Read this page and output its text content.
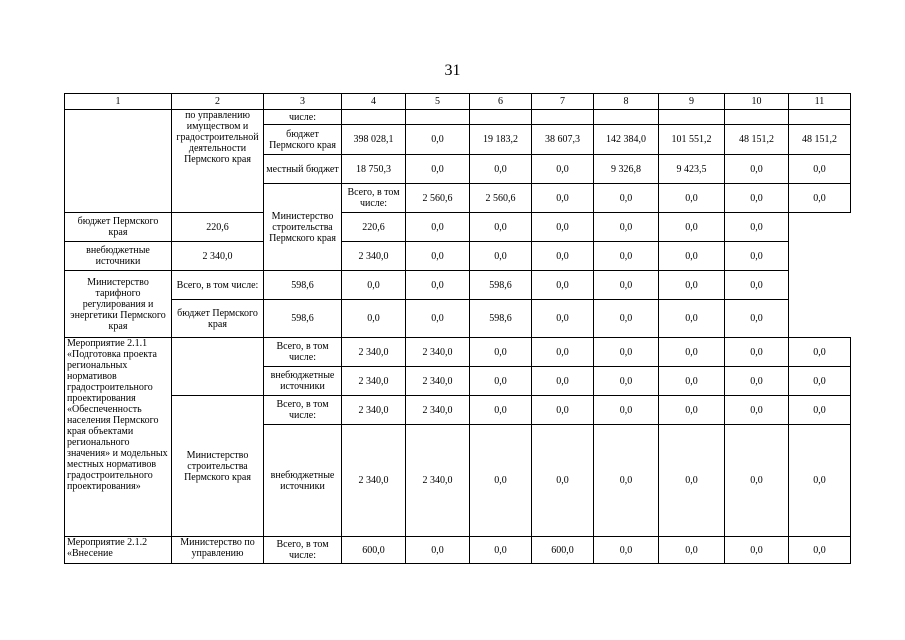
31
1	2	3	4	5	6	7	8	9	10	11	
	по управлению имуществом и градостроительной деятельности Пермского края	числе:									
		бюджет Пермского края	398 028,1	0,0	19 183,2	38 607,3	142 384,0	101 551,2	48 151,2	48 151,2	
		местный бюджет	18 750,3	0,0	0,0	0,0	9 326,8	9 423,5	0,0	0,0	
		Министерство строительства Пермского края	Всего, в том числе:	2 560,6	2 560,6	0,0	0,0	0,0	0,0	0,0	
бюджет Пермского края	220,6		220,6	0,0	0,0	0,0	0,0	0,0	0,0		
внебюджетные источники	2 340,0		2 340,0	0,0	0,0	0,0	0,0	0,0	0,0		
Министерство тарифного регулирования и энергетики Пермского края	Всего, в том числе:	598,6	0,0	0,0	598,6	0,0	0,0	0,0	0,0		
	бюджет Пермского края	598,6	0,0	0,0	598,6	0,0	0,0	0,0	0,0		
Мероприятие 2.1.1 «Подготовка проекта региональных нормативов градостроительного проектирования «Обеспеченность населения Пермского края объектами регионального значения» и модельных местных нормативов градостроительного проектирования»		Всего, в том числе:	2 340,0	2 340,0	0,0	0,0	0,0	0,0	0,0	0,0	
		внебюджетные источники	2 340,0	2 340,0	0,0	0,0	0,0	0,0	0,0	0,0	
	Министерство строительства Пермского края	Всего, в том числе:	2 340,0	2 340,0	0,0	0,0	0,0	0,0	0,0	0,0	
		внебюджетные источники	2 340,0	2 340,0	0,0	0,0	0,0	0,0	0,0	0,0	
Мероприятие 2.1.2 «Внесение	Министерство по управлению	Всего, в том числе:	600,0	0,0	0,0	600,0	0,0	0,0	0,0	0,0	
